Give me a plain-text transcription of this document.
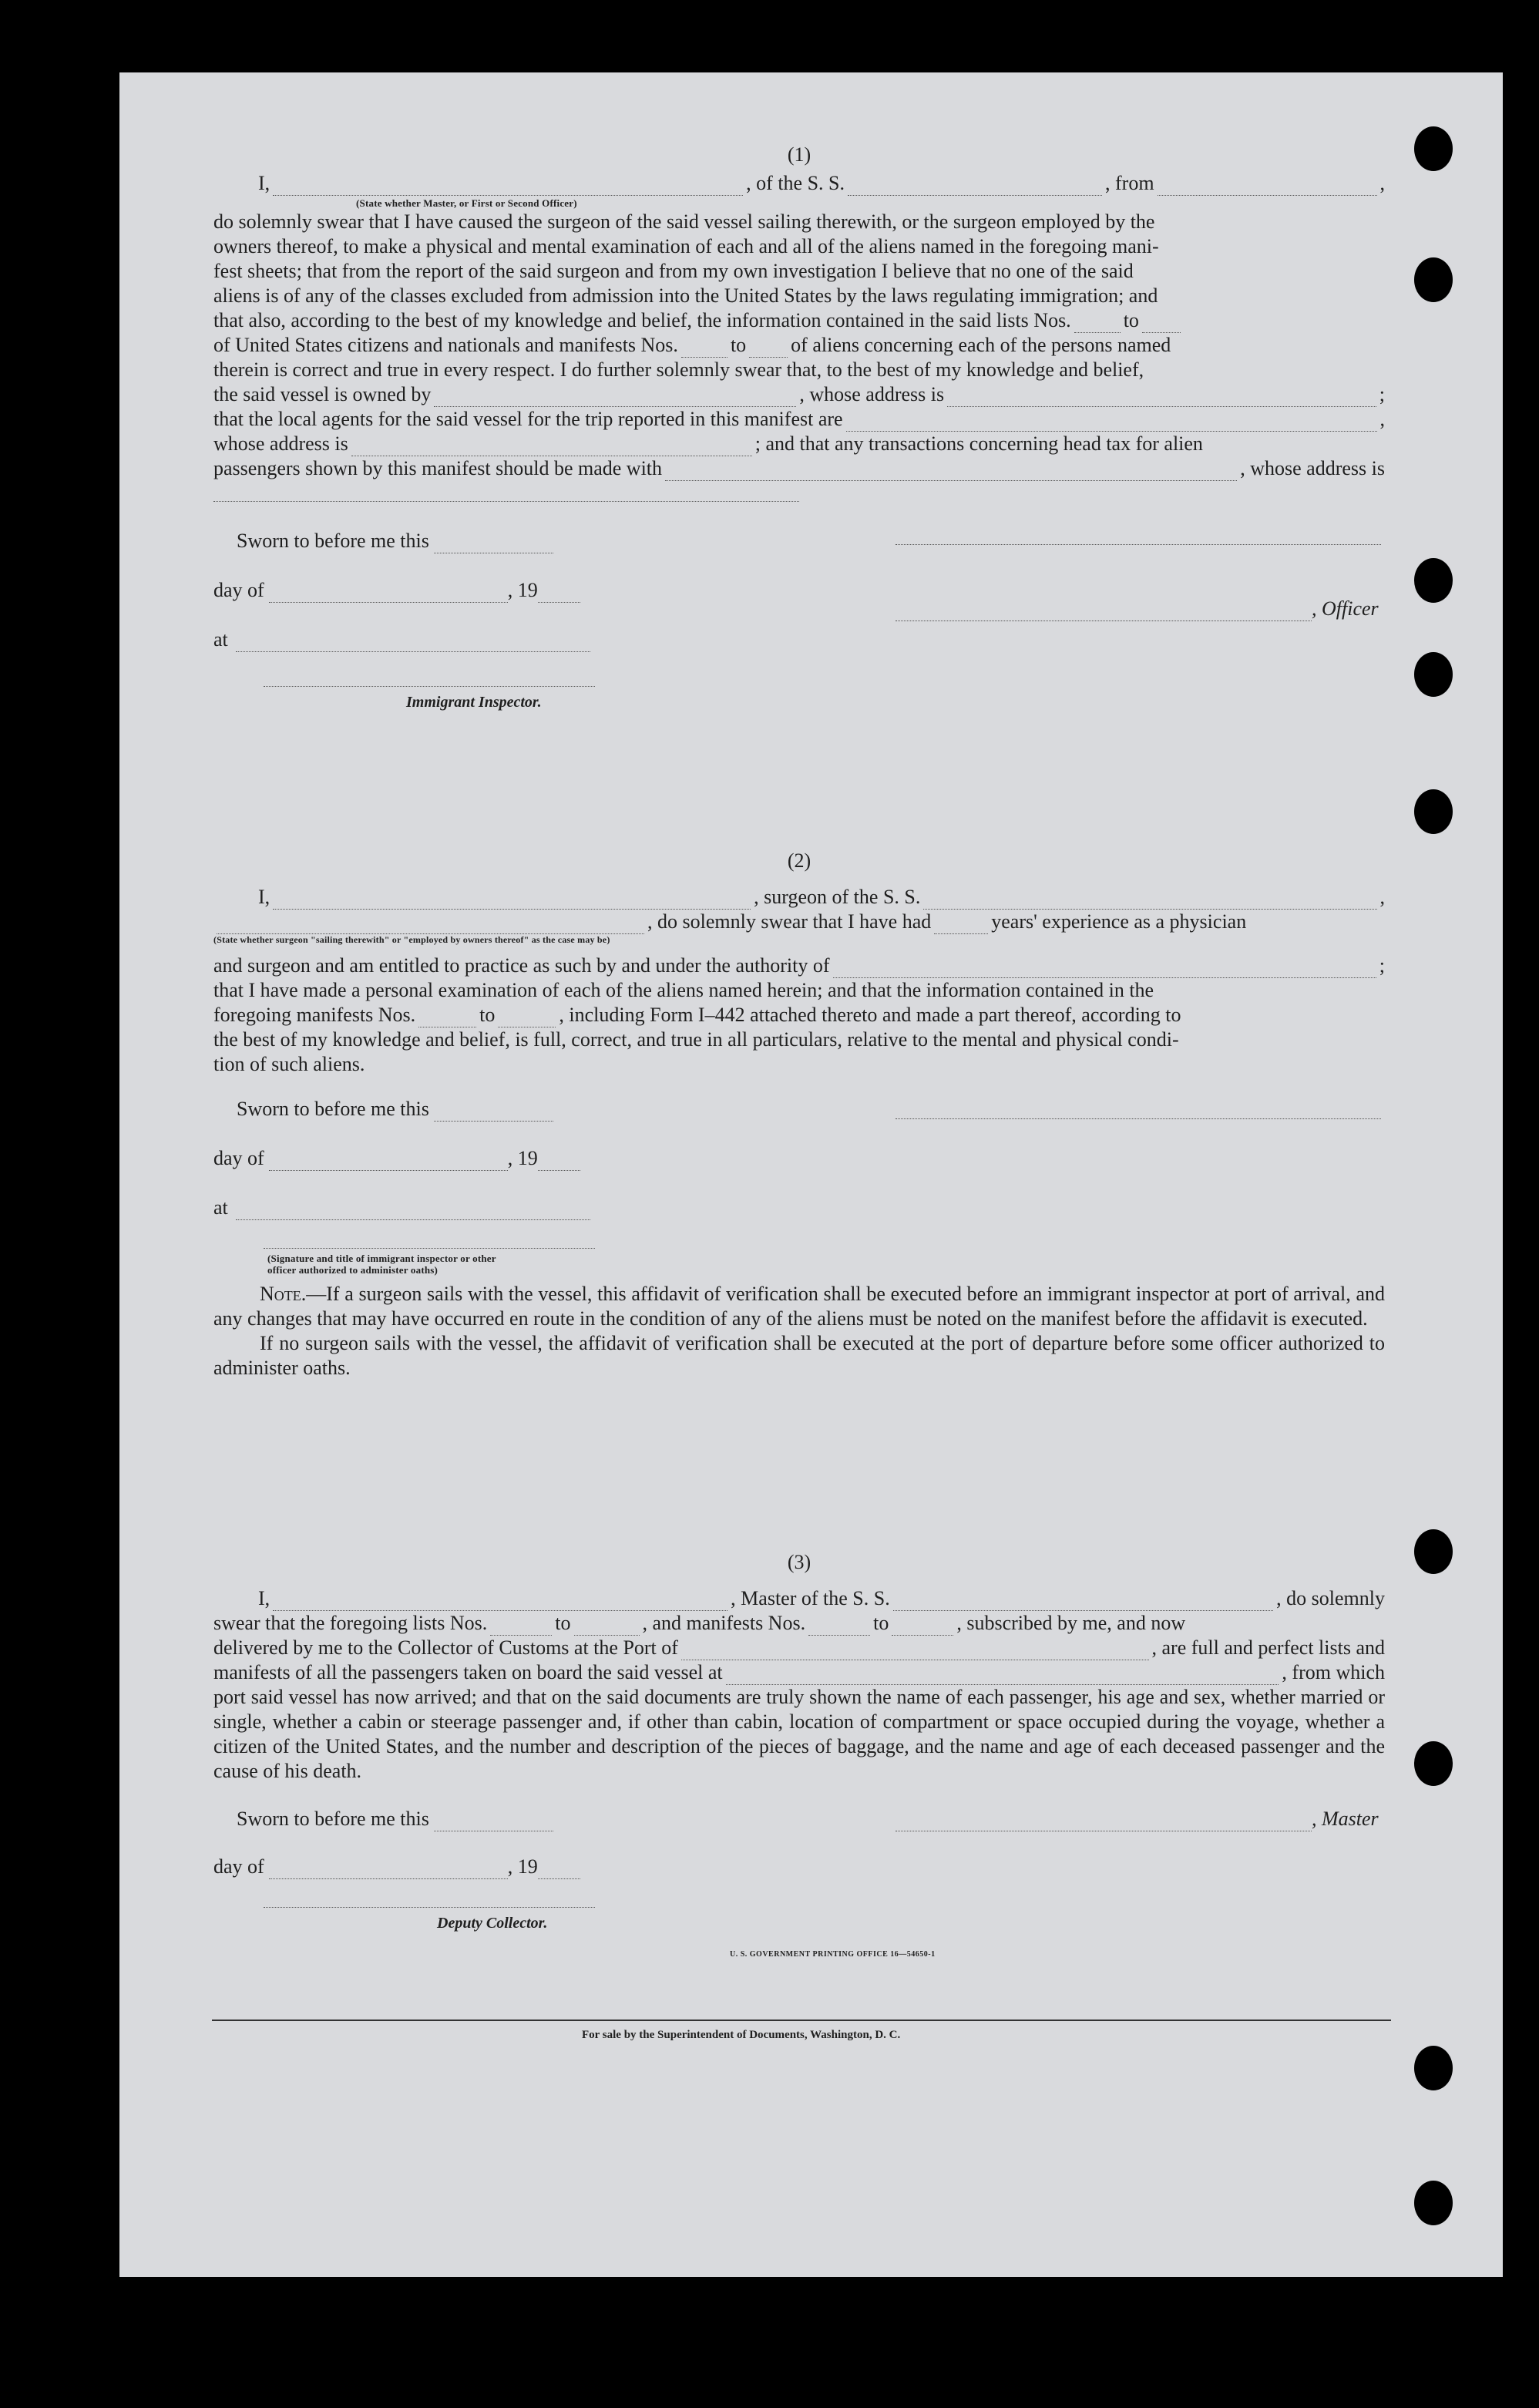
(1)
I,	, of the S. S.	, from	,
(State whether Master, or First or Second Officer)

do solemnly swear that I have caused the surgeon of the said vessel sailing therewith, or the surgeon employed by the

owners thereof, to make a physical and mental examination of each and all of the aliens named in the foregoing mani-

fest sheets; that from the report of the said surgeon and from my own investigation I believe that no one of the said

aliens is of any of the classes excluded from admission into the United States by the laws regulating immigration; and

that also, according to the best of my knowledge and belief, the information contained in the said lists Nos.	to
of United States citizens and nationals and manifests Nos.	to of aliens concerning each of the persons named

therein is correct and true in every respect. I do further solemnly swear that, to the best of my knowledge and belief,

the said vessel is owned by	, whose address is	;
that the local agents for the said vessel for the trip reported in this manifest are	,
whose address is	; and that any transactions concerning head tax for alien
passengers shown by this manifest should be made with	, whose address is
Sworn to before me this
day of	, 19
, Officer
at
Immigrant Inspector.
(2)
I,	, surgeon of the S. S.	,
, do solemnly swear that I have had	years' experience as a physician
(State whether surgeon "sailing therewith" or "employed by owners thereof" as the case may be)
and surgeon and am entitled to practice as such by and under the authority of	;

that I have made a personal examination of each of the aliens named herein; and that the information contained in the

foregoing manifests Nos.	to	, including Form I–442 attached thereto and made a part thereof, according to

the best of my knowledge and belief, is full, correct, and true in all particulars, relative to the mental and physical condi-

tion of such aliens.

Sworn to before me this
day of	, 19
at
(Signature and title of immigrant inspector or other officer authorized to administer oaths)

Note.—If a surgeon sails with the vessel, this affidavit of verification shall be executed before an immigrant inspector at port of arrival, and any changes that may have occurred en route in the condition of any of the aliens must be noted on the manifest before the affidavit is executed.

If no surgeon sails with the vessel, the affidavit of verification shall be executed at the port of departure before some officer authorized to administer oaths.

(3)
I,	, Master of the S. S.	, do solemnly
swear that the foregoing lists Nos.	to	, and manifests Nos.	to	, subscribed by me, and now
delivered by me to the Collector of Customs at the Port of	, are full and perfect lists and
manifests of all the passengers taken on board the said vessel at	, from which

port said vessel has now arrived; and that on the said documents are truly shown the name of each passenger, his age and sex, whether married or single, whether a cabin or steerage passenger and, if other than cabin, location of compartment or space occupied during the voyage, whether a citizen of the United States, and the number and description of the pieces of baggage, and the name and age of each deceased passenger and the cause of his death.

Sworn to before me this	, Master
day of	, 19
Deputy Collector.
U. S. GOVERNMENT PRINTING OFFICE 16—54650-1
For sale by the Superintendent of Documents, Washington, D. C.
